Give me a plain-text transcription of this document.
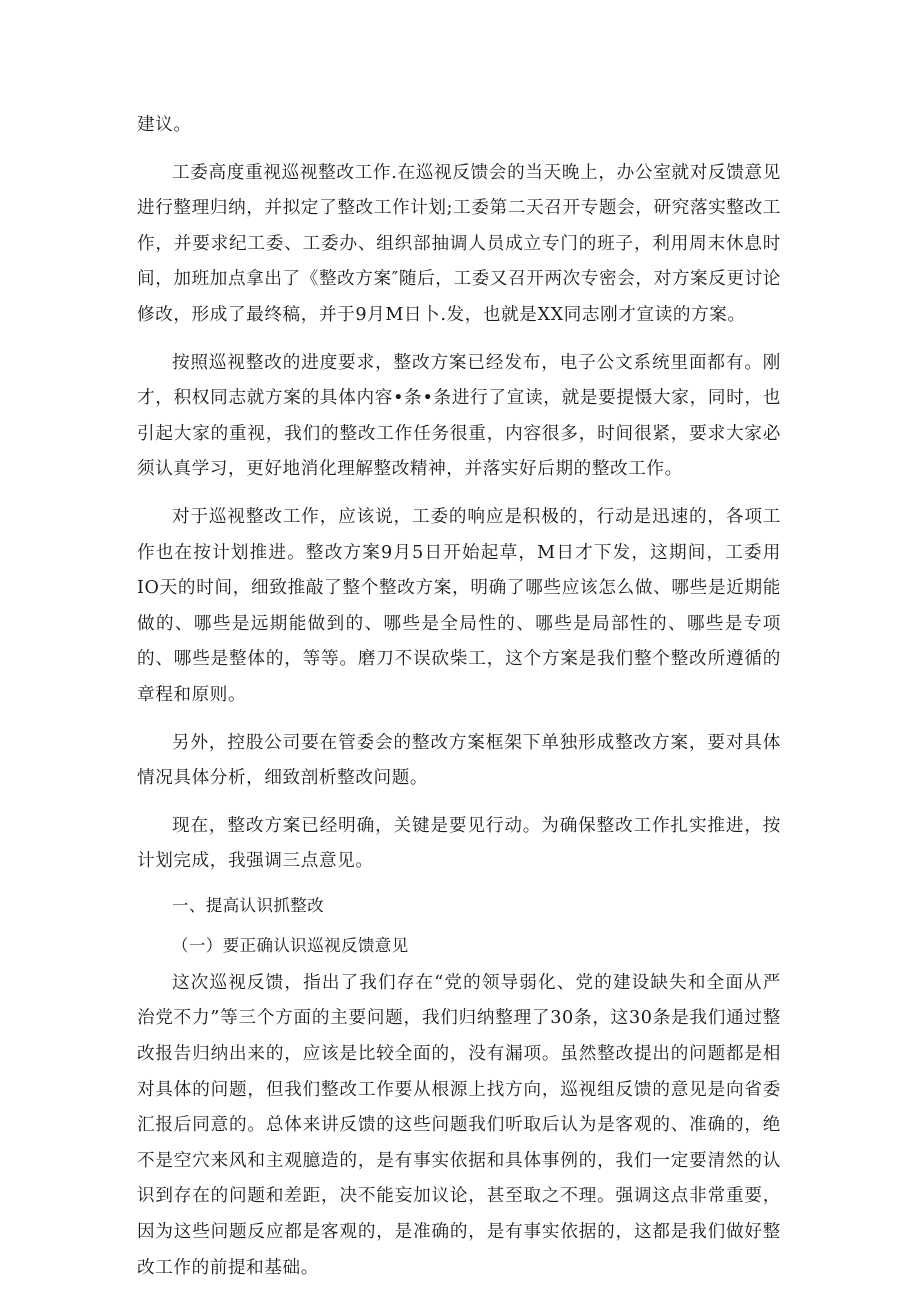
建议。

工委高度重视巡视整改工作.在巡视反馈会的当天晚上，办公室就对反馈意见进行整理归纳，并拟定了整改工作计划;工委第二天召开专题会，研究落实整改工作，并要求纪工委、工委办、组织部抽调人员成立专门的班子，利用周末休息时间，加班加点拿出了《整改方案″随后，工委又召开两次专密会，对方案反更讨论修改，形成了最终稿，并于9月M日卜.发，也就是XX同志刚才宣读的方案。

按照巡视整改的进度要求，整改方案已经发布，电子公文系统里面都有。刚才，积权同志就方案的具体内容•条•条进行了宣读，就是要提慑大家，同时，也引起大家的重视，我们的整改工作任务很重，内容很多，时间很紧，要求大家必须认真学习，更好地消化理解整改精神，并落实好后期的整改工作。

对于巡视整改工作，应该说，工委的响应是积极的，行动是迅速的，各项工作也在按计划推进。整改方案9月5日开始起草，M日才下发，这期间，工委用IO天的时间，细致推敲了整个整改方案，明确了哪些应该怎么做、哪些是近期能做的、哪些是远期能做到的、哪些是全局性的、哪些是局部性的、哪些是专项的、哪些是整体的，等等。磨刀不误砍柴工，这个方案是我们整个整改所遵循的章程和原则。

另外，控股公司要在管委会的整改方案框架下单独形成整改方案，要对具体情况具体分析，细致剖析整改问题。

现在，整改方案已经明确，关键是要见行动。为确保整改工作扎实推进，按计划完成，我强调三点意见。

一、提高认识抓整改

（一）要正确认识巡视反馈意见

这次巡视反馈，指出了我们存在“党的领导弱化、党的建设缺失和全面从严治党不力”等三个方面的主要问题，我们归纳整理了30条，这30条是我们通过整改报告归纳出来的，应该是比较全面的，没有漏项。虽然整改提出的问题都是相对具体的问题，但我们整改工作要从根源上找方向，巡视组反馈的意见是向省委汇报后同意的。总体来讲反馈的这些问题我们听取后认为是客观的、准确的，绝不是空穴来风和主观臆造的，是有事实依据和具体事例的，我们一定要清然的认识到存在的问题和差距，决不能妄加议论，甚至取之不理。强调这点非常重要，因为这些问题反应都是客观的，是准确的，是有事实依据的，这都是我们做好整改工作的前提和基础。
